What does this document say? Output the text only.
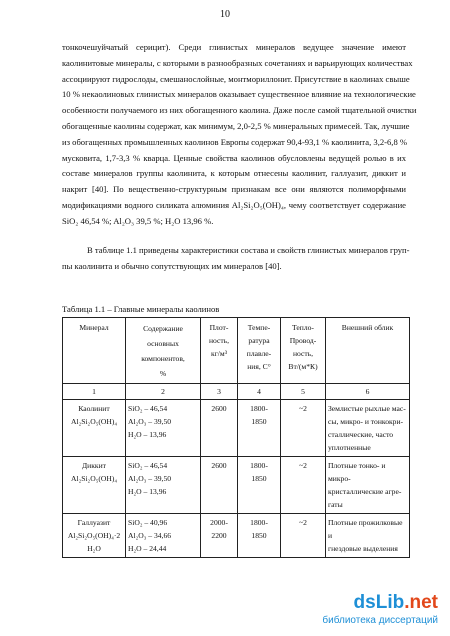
10
тонкочешуйчатый серицит). Среди глинистых минералов ведущее значение имеют
каолинитовые минералы, с которыми в разнообразных сочетаниях и варьирующих количествах
ассоциируют гидрослоды, смешанослойные, монтмориллонит. Присутствие в каолинах свыше
10 % некаолиновых глинистых минералов оказывает существенное влияние на технологические
особенности получаемого из них обогащенного каолина. Даже после самой тщательной очистки
обогащенные каолины содержат, как минимум, 2,0-2,5 % минеральных примесей. Так, лучшие
из обогащенных промышленных каолинов Европы содержат 90,4-93,1 % каолинита, 3,2-6,8 %
мусковита, 1,7-3,3 % кварца. Ценные свойства каолинов обусловлены ведущей ролью в их
составе минералов группы каолинита, к которым отнесены каолинит, галлуазит, диккит и
накрит [40]. По вещественно-структурным признакам все они являются полиморфными
модификациями водного силиката алюминия Al₂Si₂O₅(OH)₄, чему соответствует содержание
SiO₂ 46,54 %; Al₂O₃ 39,5 %; H₂O 13,96 %.
В таблице 1.1 приведены характеристики состава и свойств глинистых минералов груп-
пы каолинита и обычно сопутствующих им минералов [40].
Таблица 1.1 – Главные минералы каолинов
Минерал	Содержание
основных
компонентов,
%	Плот-
ность,
кг/м³	Темпе-
ратура
плавле-
ния, С°	Тепло-
Провод-
ность,
Вт/(м*К)	Внешний облик

1	2	3	4	5	6

Каолинит
Al₂Si₂O₅(OH)₄	SiO₂ – 46,54
Al₂O₃ – 39,50
H₂O – 13,96	2600	1800-
1850	~2	Землистые рыхлые мас-
сы, микро- и тонкокри-
сталлические, часто
уплотненные

Диккит
Al₂Si₂O₅(OH)₄	SiO₂ – 46,54
Al₂O₃ – 39,50
H₂O – 13,96	2600	1800-
1850	~2	Плотные тонко- и микро-
кристаллические агре-
гаты

Галлуазит
Al₂Si₂O₅(OH)₄·2
H₂O	SiO₂ – 40,96
Al₂O₃ – 34,66
H₂O – 24,44	2000-
2200	1800-
1850	~2	Плотные прожилковые и
гнездовые выделения
dsLib.net
библиотека диссертаций
